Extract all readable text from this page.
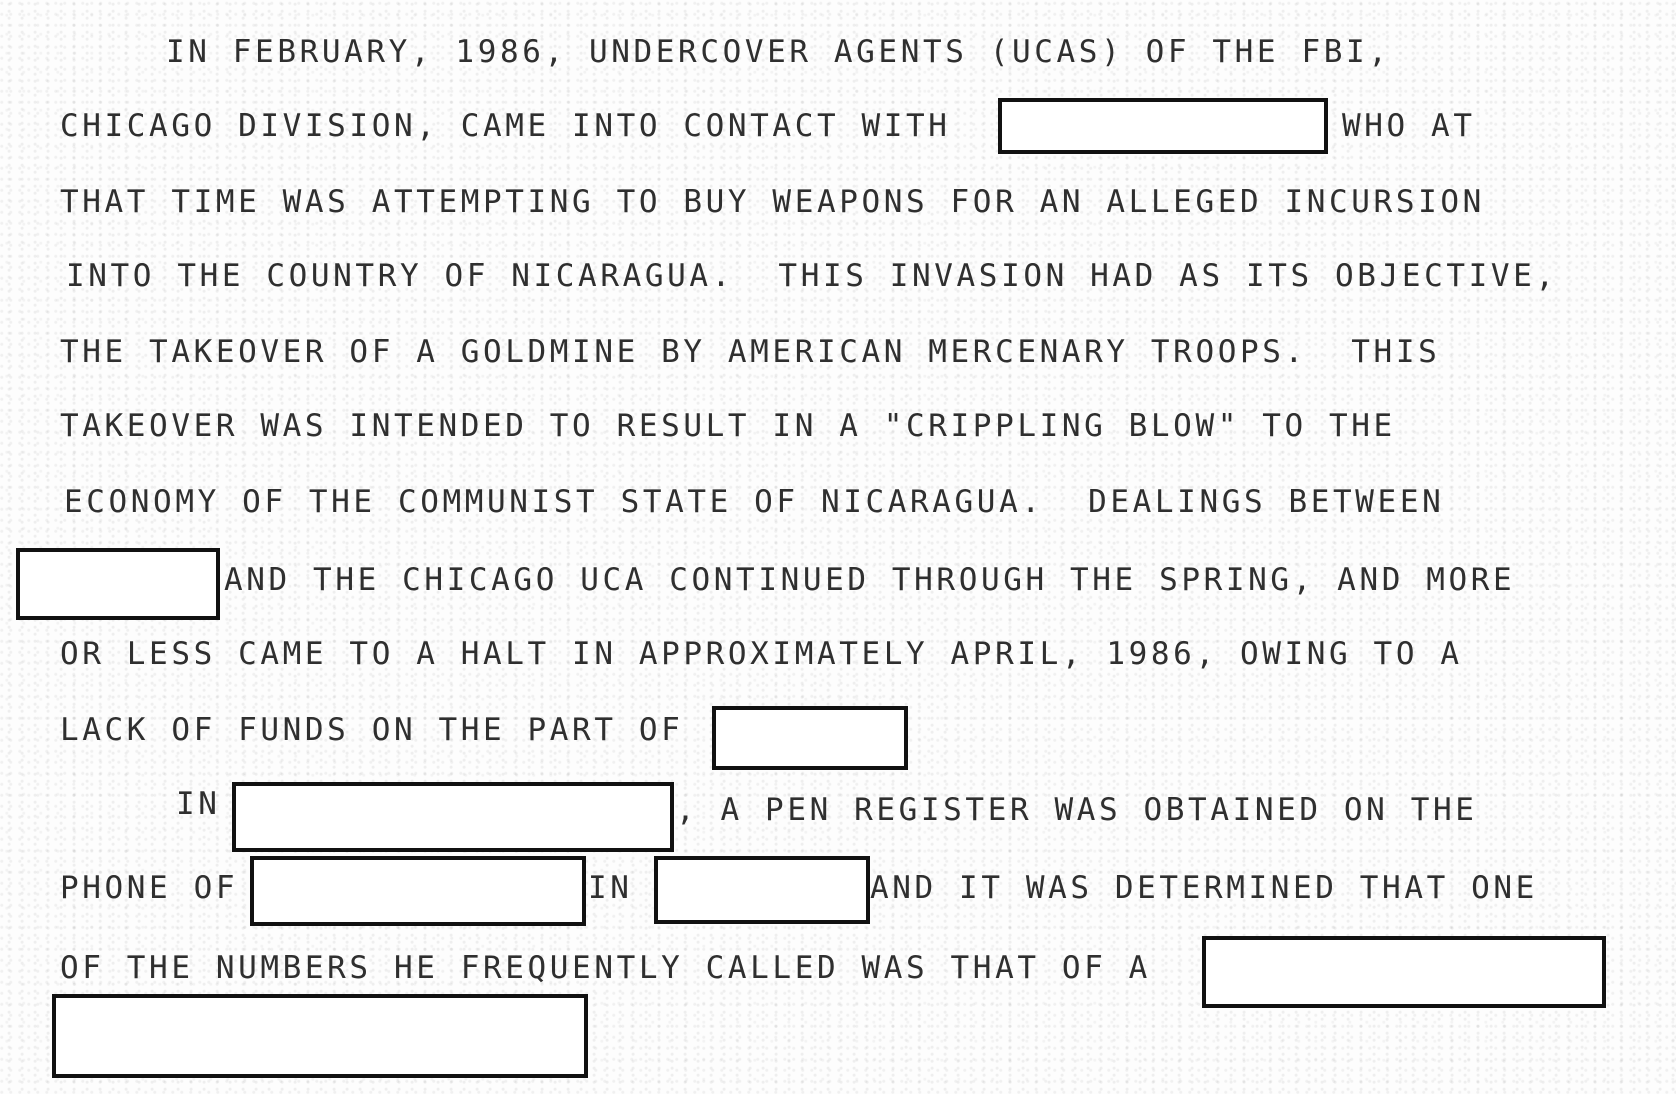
IN FEBRUARY, 1986, UNDERCOVER AGENTS (UCAS) OF THE FBI,
CHICAGO DIVISION, CAME INTO CONTACT WITH	WHO AT
THAT TIME WAS ATTEMPTING TO BUY WEAPONS FOR AN ALLEGED INCURSION
INTO THE COUNTRY OF NICARAGUA.  THIS INVASION HAD AS ITS OBJECTIVE,
THE TAKEOVER OF A GOLDMINE BY AMERICAN MERCENARY TROOPS.  THIS
TAKEOVER WAS INTENDED TO RESULT IN A "CRIPPLING BLOW" TO THE
ECONOMY OF THE COMMUNIST STATE OF NICARAGUA.  DEALINGS BETWEEN
AND THE CHICAGO UCA CONTINUED THROUGH THE SPRING, AND MORE
OR LESS CAME TO A HALT IN APPROXIMATELY APRIL, 1986, OWING TO A
LACK OF FUNDS ON THE PART OF
IN	, A PEN REGISTER WAS OBTAINED ON THE
PHONE OF	IN	AND IT WAS DETERMINED THAT ONE
OF THE NUMBERS HE FREQUENTLY CALLED WAS THAT OF A
